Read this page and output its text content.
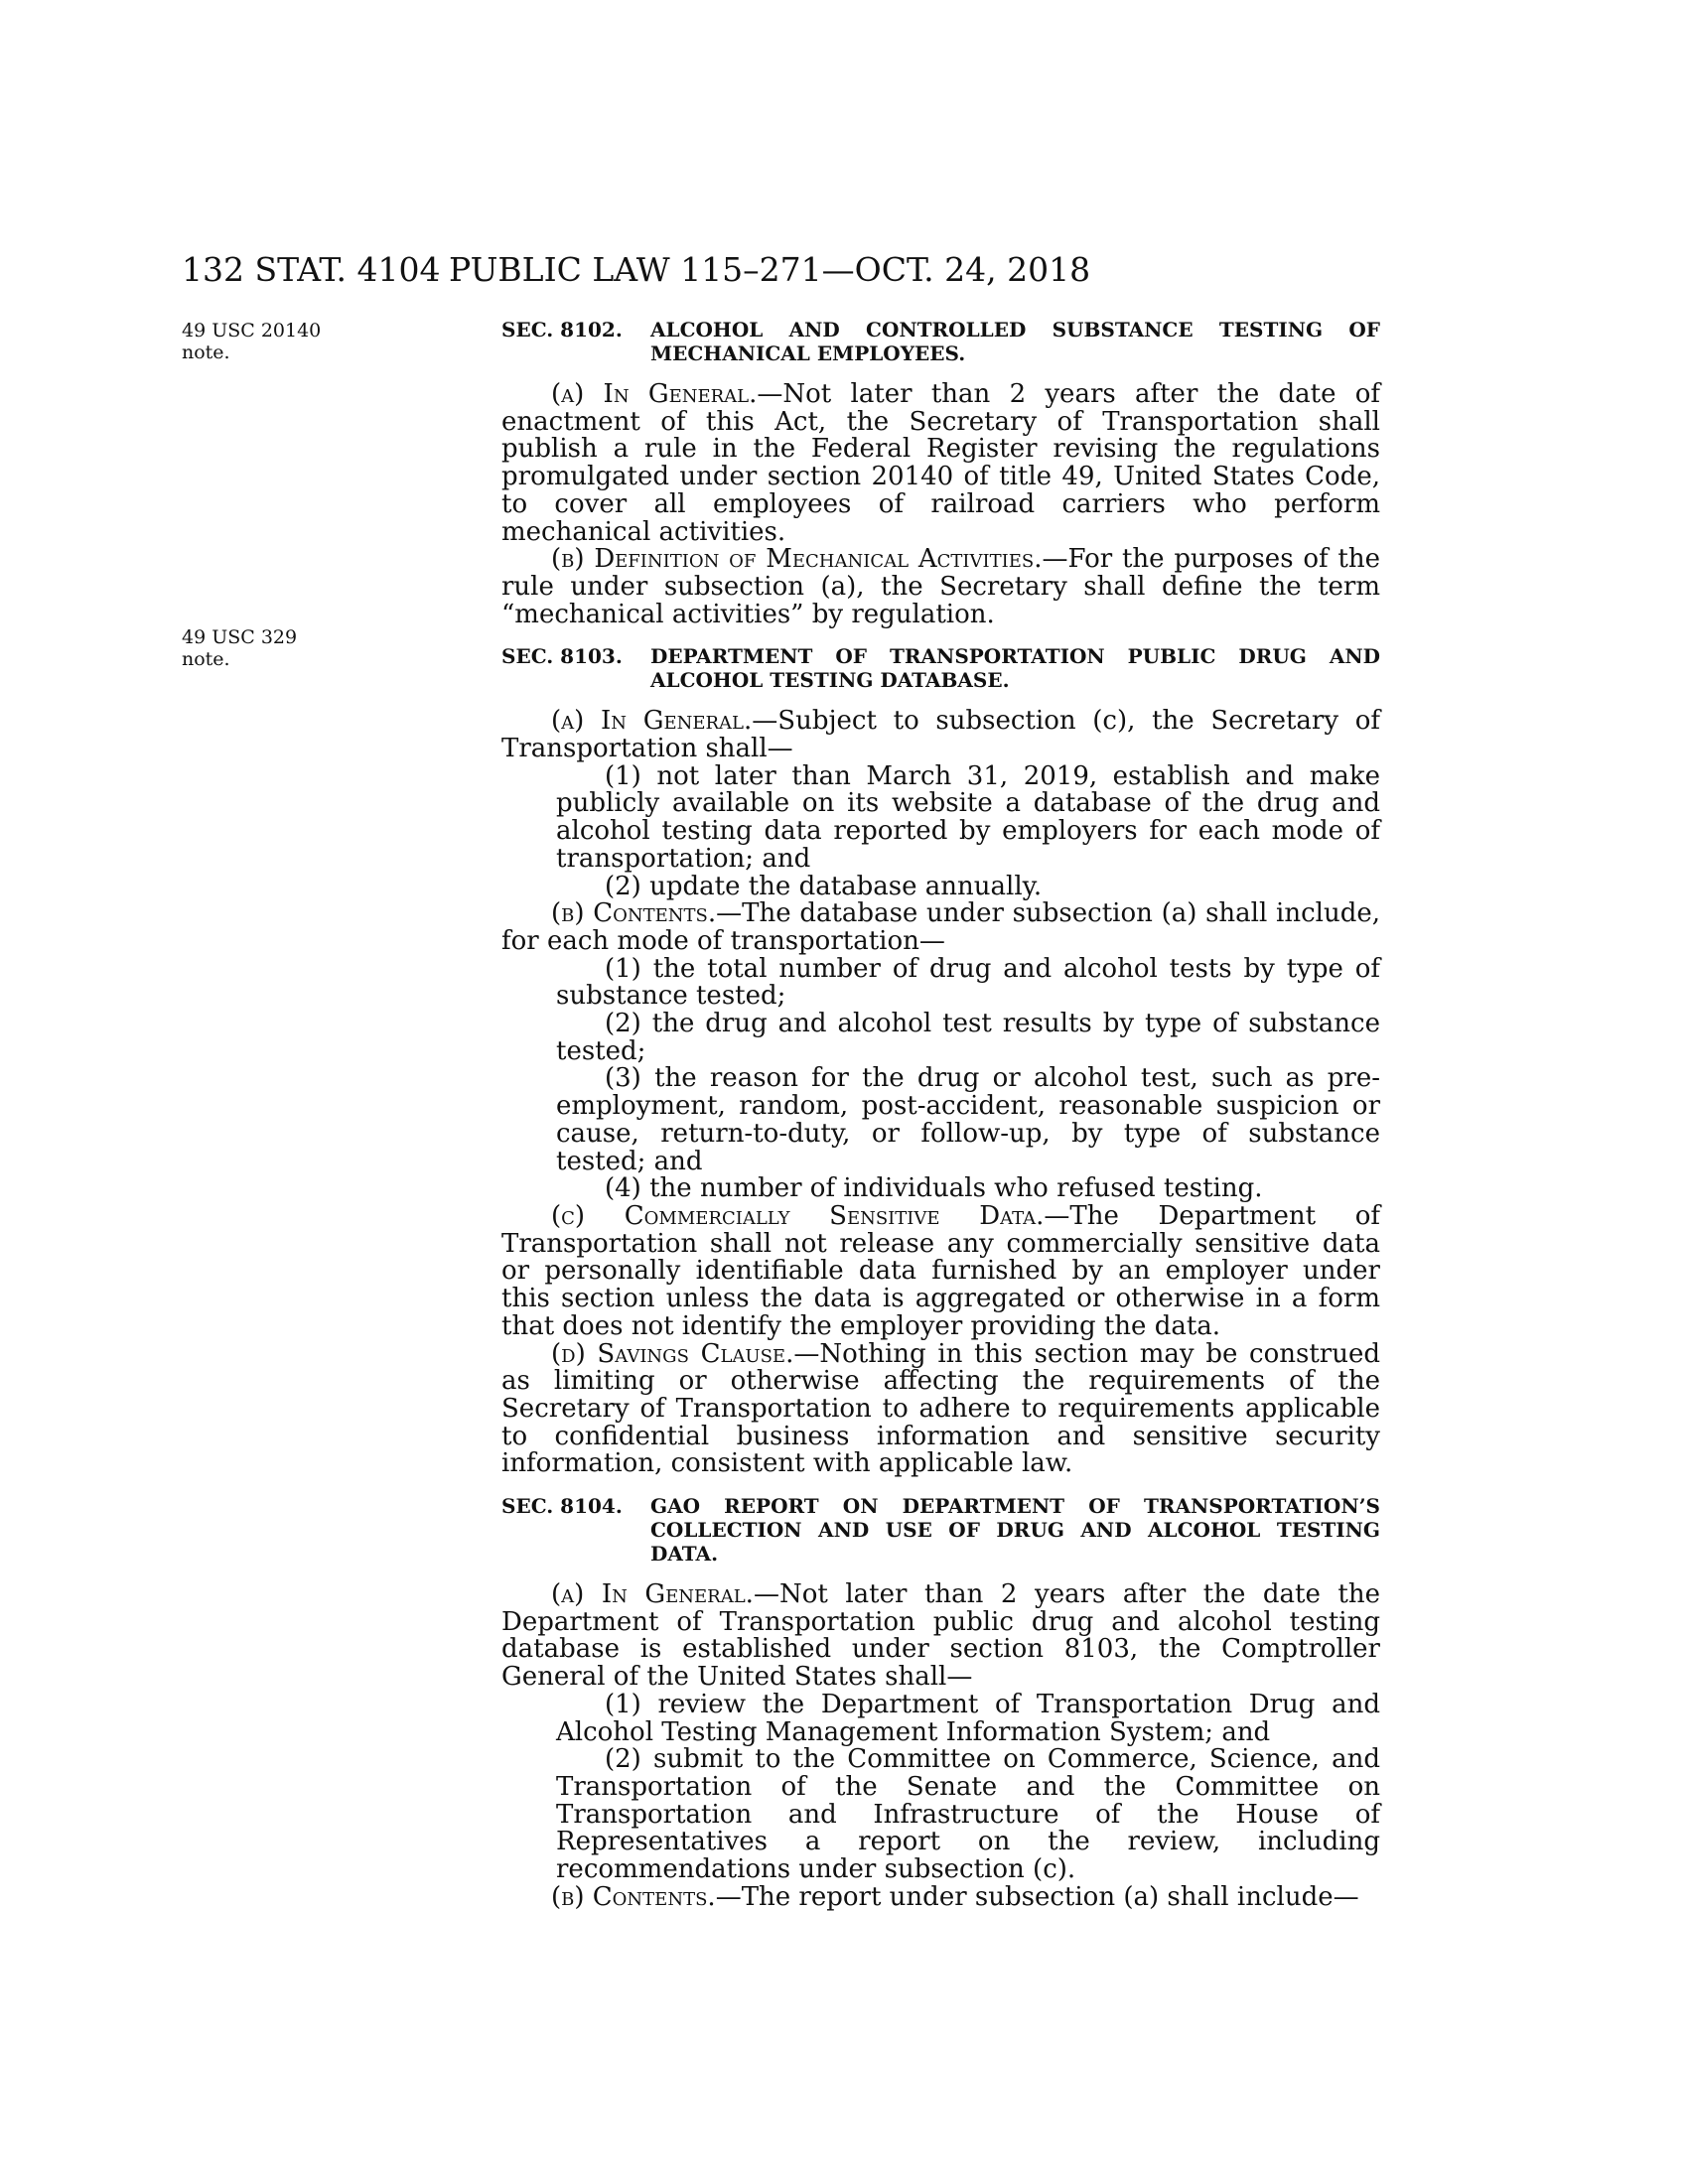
132 STAT. 4104 PUBLIC LAW 115–271—OCT. 24, 2018
49 USC 20140
note.
49 USC 329 note.
SEC. 8102.	ALCOHOL AND CONTROLLED SUBSTANCE TESTING OF MECHANICAL EMPLOYEES.

(a) In General.—Not later than 2 years after the date of enactment of this Act, the Secretary of Transportation shall publish a rule in the Federal Register revising the regulations promulgated under section 20140 of title 49, United States Code, to cover all employees of railroad carriers who perform mechanical activities.

(b) Definition of Mechanical Activities.—For the purposes of the rule under subsection (a), the Secretary shall define the term “mechanical activities” by regulation.

SEC. 8103.	DEPARTMENT OF TRANSPORTATION PUBLIC DRUG AND ALCOHOL TESTING DATABASE.

(a) In General.—Subject to subsection (c), the Secretary of Transportation shall—

(1) not later than March 31, 2019, establish and make publicly available on its website a database of the drug and alcohol testing data reported by employers for each mode of transportation; and

(2) update the database annually.

(b) Contents.—The database under subsection (a) shall include, for each mode of transportation—

(1) the total number of drug and alcohol tests by type of substance tested;

(2) the drug and alcohol test results by type of substance tested;

(3) the reason for the drug or alcohol test, such as pre-employment, random, post-accident, reasonable suspicion or cause, return-to-duty, or follow-up, by type of substance tested; and

(4) the number of individuals who refused testing.

(c) Commercially Sensitive Data.—The Department of Transportation shall not release any commercially sensitive data or personally identifiable data furnished by an employer under this section unless the data is aggregated or otherwise in a form that does not identify the employer providing the data.

(d) Savings Clause.—Nothing in this section may be construed as limiting or otherwise affecting the requirements of the Secretary of Transportation to adhere to requirements applicable to confidential business information and sensitive security information, consistent with applicable law.

SEC. 8104.	GAO REPORT ON DEPARTMENT OF TRANSPORTATION’S COLLECTION AND USE OF DRUG AND ALCOHOL TESTING DATA.

(a) In General.—Not later than 2 years after the date the Department of Transportation public drug and alcohol testing database is established under section 8103, the Comptroller General of the United States shall—

(1) review the Department of Transportation Drug and Alcohol Testing Management Information System; and

(2) submit to the Committee on Commerce, Science, and Transportation of the Senate and the Committee on Transportation and Infrastructure of the House of Representatives a report on the review, including recommendations under subsection (c).

(b) Contents.—The report under subsection (a) shall include—
